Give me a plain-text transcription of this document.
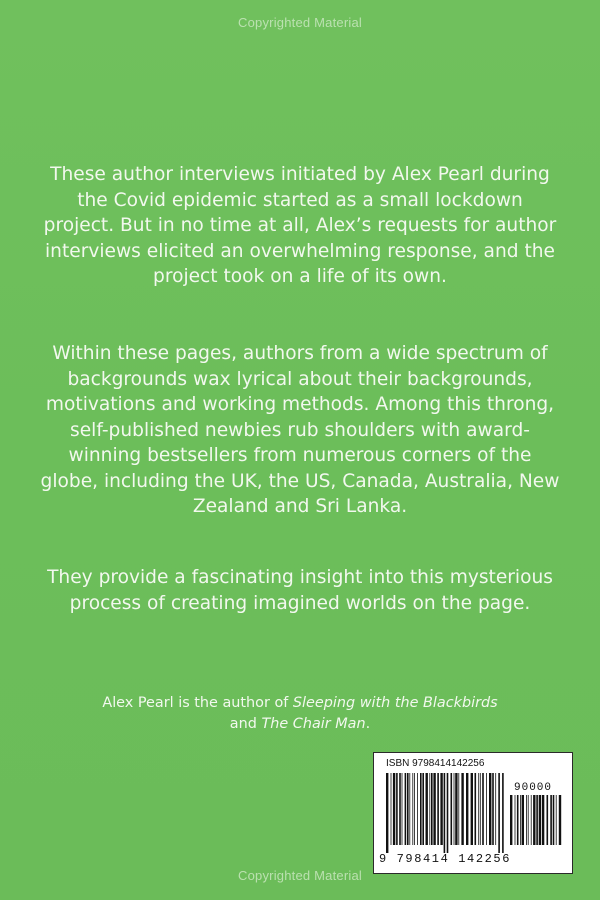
Copyrighted Material

These author interviews initiated by Alex Pearl during the Covid epidemic started as a small lockdown project. But in no time at all, Alex’s requests for author interviews elicited an overwhelming response, and the project took on a life of its own.

Within these pages, authors from a wide spectrum of backgrounds wax lyrical about their backgrounds, motivations and working methods. Among this throng, self-published newbies rub shoulders with award-winning bestsellers from numerous corners of the globe, including the UK, the US, Canada, Australia, New Zealand and Sri Lanka.

They provide a fascinating insight into this mysterious process of creating imagined worlds on the page.

Alex Pearl is the author of Sleeping with the Blackbirds and The Chair Man.

ISBN 9798414142256
90000
9 798414 142256
Copyrighted Material
